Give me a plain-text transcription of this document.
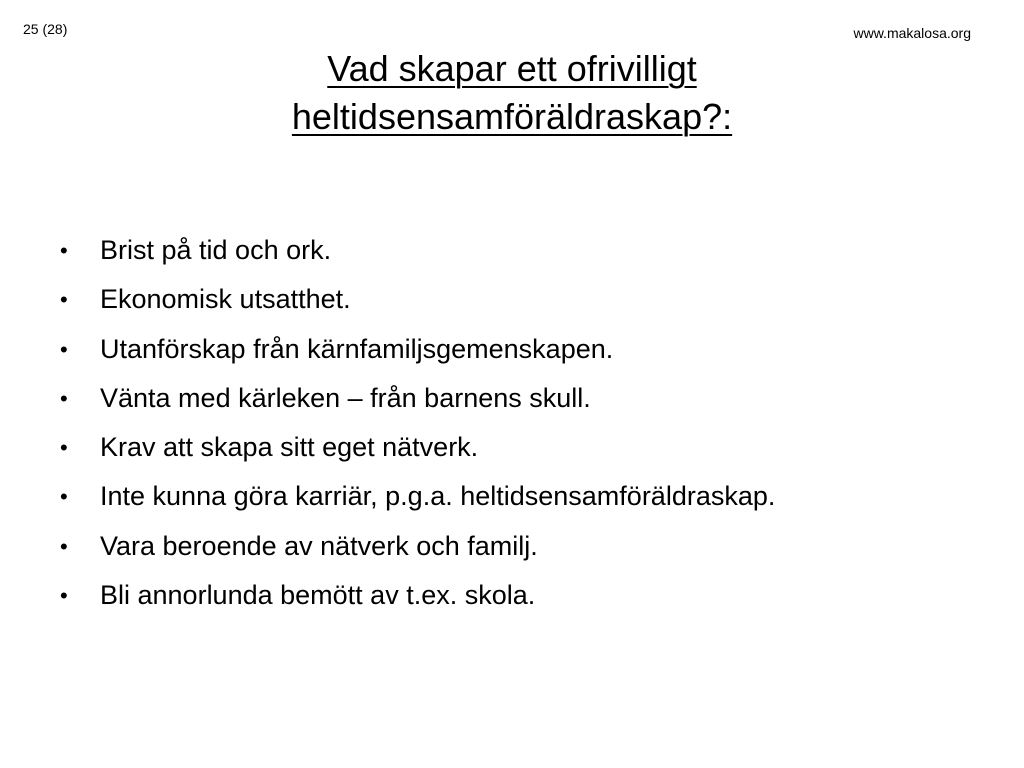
25 (28)	www.makalosa.org
Vad skapar ett ofrivilligt
heltidsensamföräldraskap?:
• Brist på tid och ork.
• Ekonomisk utsatthet.
• Utanförskap från kärnfamiljsgemenskapen.
• Vänta med kärleken – från barnens skull.
• Krav att skapa sitt eget nätverk.
• Inte kunna göra karriär, p.g.a. heltidsensamföräldraskap.
• Vara beroende av nätverk och familj.
• Bli annorlunda bemött av t.ex. skola.
